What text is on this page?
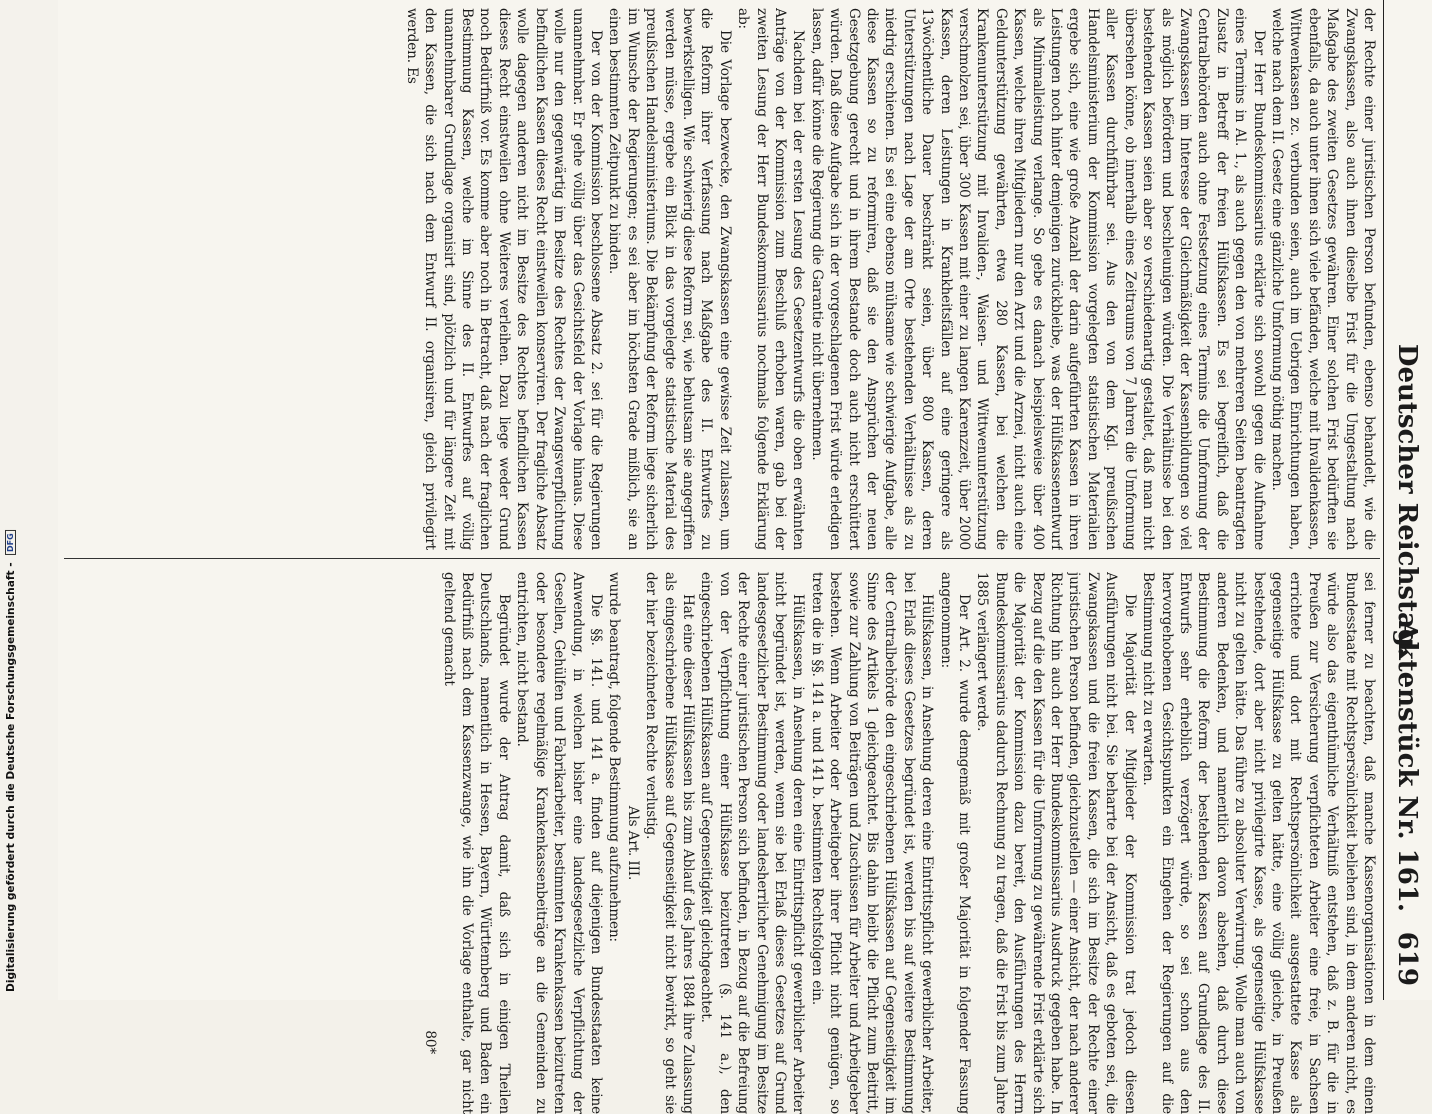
Deutscher Reichstag.
Aktenstück Nr. 161.
619

der Rechte einer juristischen Person befunden, ebenso behandelt, wie die Zwangskassen, also auch ihnen dieselbe Frist für die Umgestaltung nach Maßgabe des zweiten Gesetzes gewähren. Einer solchen Frist bedürften sie ebenfalls, da auch unter ihnen sich viele befänden, welche mit Invalidenkassen, Wittwenkassen zc. verbunden seien, auch im Uebrigen Einrichtungen haben, welche nach dem II. Gesetz eine gänzliche Umformung nöthig machen.

Der Herr Bundeskommissarius erklärte sich sowohl gegen die Aufnahme eines Termins in Al. 1., als auch gegen den von mehreren Seiten beantragten Zusatz in Betreff der freien Hülfskassen. Es sei begreiflich, daß die Centralbehörden auch ohne Festsetzung eines Termins die Umformung der Zwangskassen im Interesse der Gleichmäßigkeit der Kassenbildungen so viel als möglich befördern und beschleunigen würden. Die Verhältnisse bei den bestehenden Kassen seien aber so verschiedenartig gestaltet, daß man nicht übersehen könne, ob innerhalb eines Zeitraums von 7 Jahren die Umformung aller Kassen durchführbar sei. Aus den von dem Kgl. preußischen Handelsministerium der Kommission vorgelegten statistischen Materialien ergebe sich, eine wie große Anzahl der darin aufgeführten Kassen in ihren Leistungen noch hinter demjenigen zurückbleibe, was der Hülfskassenentwurf als Minimalleistung verlange. So gebe es danach beispielsweise über 400 Kassen, welche ihren Mitgliedern nur den Arzt und die Arznei, nicht auch eine Geldunterstützung gewährten, etwa 280 Kassen, bei welchen die Krankenunterstützung mit Invaliden-, Waisen- und Wittwenunterstützung verschmolzen sei, über 300 Kassen mit einer zu langen Karenzzeit, über 2000 Kassen, deren Leistungen in Krankheitsfällen auf eine geringere als 13wöchentliche Dauer beschränkt seien, über 800 Kassen, deren Unterstützungen nach Lage der am Orte bestehenden Verhältnisse als zu niedrig erschienen. Es sei eine ebenso mühsame wie schwierige Aufgabe, alle diese Kassen so zu reformiren, daß sie den Ansprüchen der neuen Gesetzgebung gerecht und in ihrem Bestande doch auch nicht erschüttert würden. Daß diese Aufgabe sich in der vorgeschlagenen Frist würde erledigen lassen, dafür könne die Regierung die Garantie nicht übernehmen.

Nachdem bei der ersten Lesung des Gesetzentwurfs die oben erwähnten Anträge von der Kommission zum Beschluß erhoben waren, gab bei der zweiten Lesung der Herr Bundeskommissarius nochmals folgende Erklärung ab:

Die Vorlage bezwecke, den Zwangskassen eine gewisse Zeit zulassen, um die Reform ihrer Verfassung nach Maßgabe des II. Entwurfes zu bewerkstelligen. Wie schwierig diese Reform sei, wie behutsam sie angegriffen werden müsse, ergebe ein Blick in das vorgelegte statistische Material des preußischen Handelsministeriums. Die Bekämpfung der Reform liege sicherlich im Wunsche der Regierungen; es sei aber im höchsten Grade mißlich, sie an einen bestimmten Zeitpunkt zu binden.

Der von der Kommission beschlossene Absatz 2. sei für die Regierungen unannehmbar. Er gehe völlig über das Gesichtsfeld der Vorlage hinaus. Diese wolle nur den gegenwärtig im Besitze des Rechtes der Zwangsverpflichtung befindlichen Kassen dieses Recht einstweilen konserviren. Der fragliche Absatz wolle dagegen anderen nicht im Besitze des Rechtes befindlichen Kassen dieses Recht einstweilen ohne Weiteres verleihen. Dazu liege weder Grund noch Bedürfniß vor. Es komme aber noch in Betracht, daß nach der fraglichen Bestimmung Kassen, welche im Sinne des II. Entwurfes auf völlig unannehmbarer Grundlage organisirt sind, plötzlich und für längere Zeit mit den Kassen, die sich nach dem Entwurf II. organisiren, gleich privilegirt werden. Es

sei ferner zu beachten, daß manche Kassenorganisationen in dem einen Bundesstaate mit Rechtspersönlichkeit beliehen sind, in dem anderen nicht, es würde also das eigenthümliche Verhältniß entstehen, daß z. B. für die in Preußen zur Versicherung verpflichteten Arbeiter eine freie, in Sachsen errichtete und dort mit Rechtspersönlichkeit ausgestattete Kasse als gegenseitige Hülfskasse zu gelten hätte, eine völlig gleiche, in Preußen bestehende, dort aber nicht privilegirte Kasse, als gegenseitige Hülfskasse nicht zu gelten hätte. Das führe zu absoluter Verwirrung. Wolle man auch von anderen Bedenken, und namentlich davon absehen, daß durch diese Bestimmung die Reform der bestehenden Kassen auf Grundlage des II. Entwurfs sehr erheblich verzögert würde, so sei schon aus den hervorgehobenen Gesichtspunkten ein Eingehen der Regierungen auf die Bestimmung nicht zu erwarten.

Die Majorität der Mitglieder der Kommission trat jedoch diesen Ausführungen nicht bei. Sie beharrte bei der Ansicht, daß es geboten sei, die Zwangskassen und die freien Kassen, die sich im Besitze der Rechte einer juristischen Person befinden, gleichzustellen — einer Ansicht, der nach anderer Richtung hin auch der Herr Bundeskommissarius Ausdruck gegeben habe. In Bezug auf die den Kassen für die Umformung zu gewährende Frist erklärte sich die Majorität der Kommission dazu bereit, den Ausführungen des Herrn Bundeskommissarius dadurch Rechnung zu tragen, daß die Frist bis zum Jahre 1885 verlängert werde.

Der Art. 2. wurde demgemäß mit großer Majorität in folgender Fassung angenommen:

Hülfskassen, in Ansehung deren eine Eintrittspflicht gewerblicher Arbeiter, bei Erlaß dieses Gesetzes begründet ist, werden bis auf weitere Bestimmung der Centralbehörde den eingeschriebenen Hülfskassen auf Gegenseitigkeit im Sinne des Artikels 1 gleichgeachtet. Bis dahin bleibt die Pflicht zum Beitritt, sowie zur Zahlung von Beiträgen und Zuschüssen für Arbeiter und Arbeitgeber bestehen. Wenn Arbeiter oder Arbeitgeber ihrer Pflicht nicht genügen, so treten die in §§. 141 a. und 141 b. bestimmten Rechtsfolgen ein.

Hülfskassen, in Ansehung deren eine Eintrittspflicht gewerblicher Arbeiter nicht begründet ist, werden, wenn sie bei Erlaß dieses Gesetzes auf Grund landesgesetzlicher Bestimmung oder landesherrlicher Genehmigung im Besitze der Rechte einer juristischen Person sich befinden, in Bezug auf die Befreiung von der Verpflichtung einer Hülfskasse beizutreten (§. 141 a.), den eingeschriebenen Hülfskassen auf Gegenseitigkeit gleichgeachtet.

Hat eine dieser Hülfskassen bis zum Ablauf des Jahres 1884 ihre Zulassung als eingeschriebene Hülfskasse auf Gegenseitigkeit nicht bewirkt, so geht sie der hier bezeichneten Rechte verlustig.

Als Art. III.

wurde beantragt, folgende Bestimmung aufzunehmen:

Die §§. 141. und 141 a. finden auf diejenigen Bundesstaaten keine Anwendung, in welchen bisher eine landesgesetzliche Verpflichtung der Gesellen, Gehülfen und Fabrikarbeiter, bestimmten Krankenkassen beizutreten oder besondere regelmäßige Krankenkassenbeiträge an die Gemeinden zu entrichten, nicht bestand.

Begründet wurde der Antrag damit, daß sich in einigen Theilen Deutschlands, namentlich in Hessen, Bayern, Württemberg und Baden ein Bedürfniß nach dem Kassenzwange, wie ihn die Vorlage enthalte, gar nicht geltend gemacht

80*

Digitalisierung gefördert durch die Deutsche Forschungsgemeinschaft - DFG
